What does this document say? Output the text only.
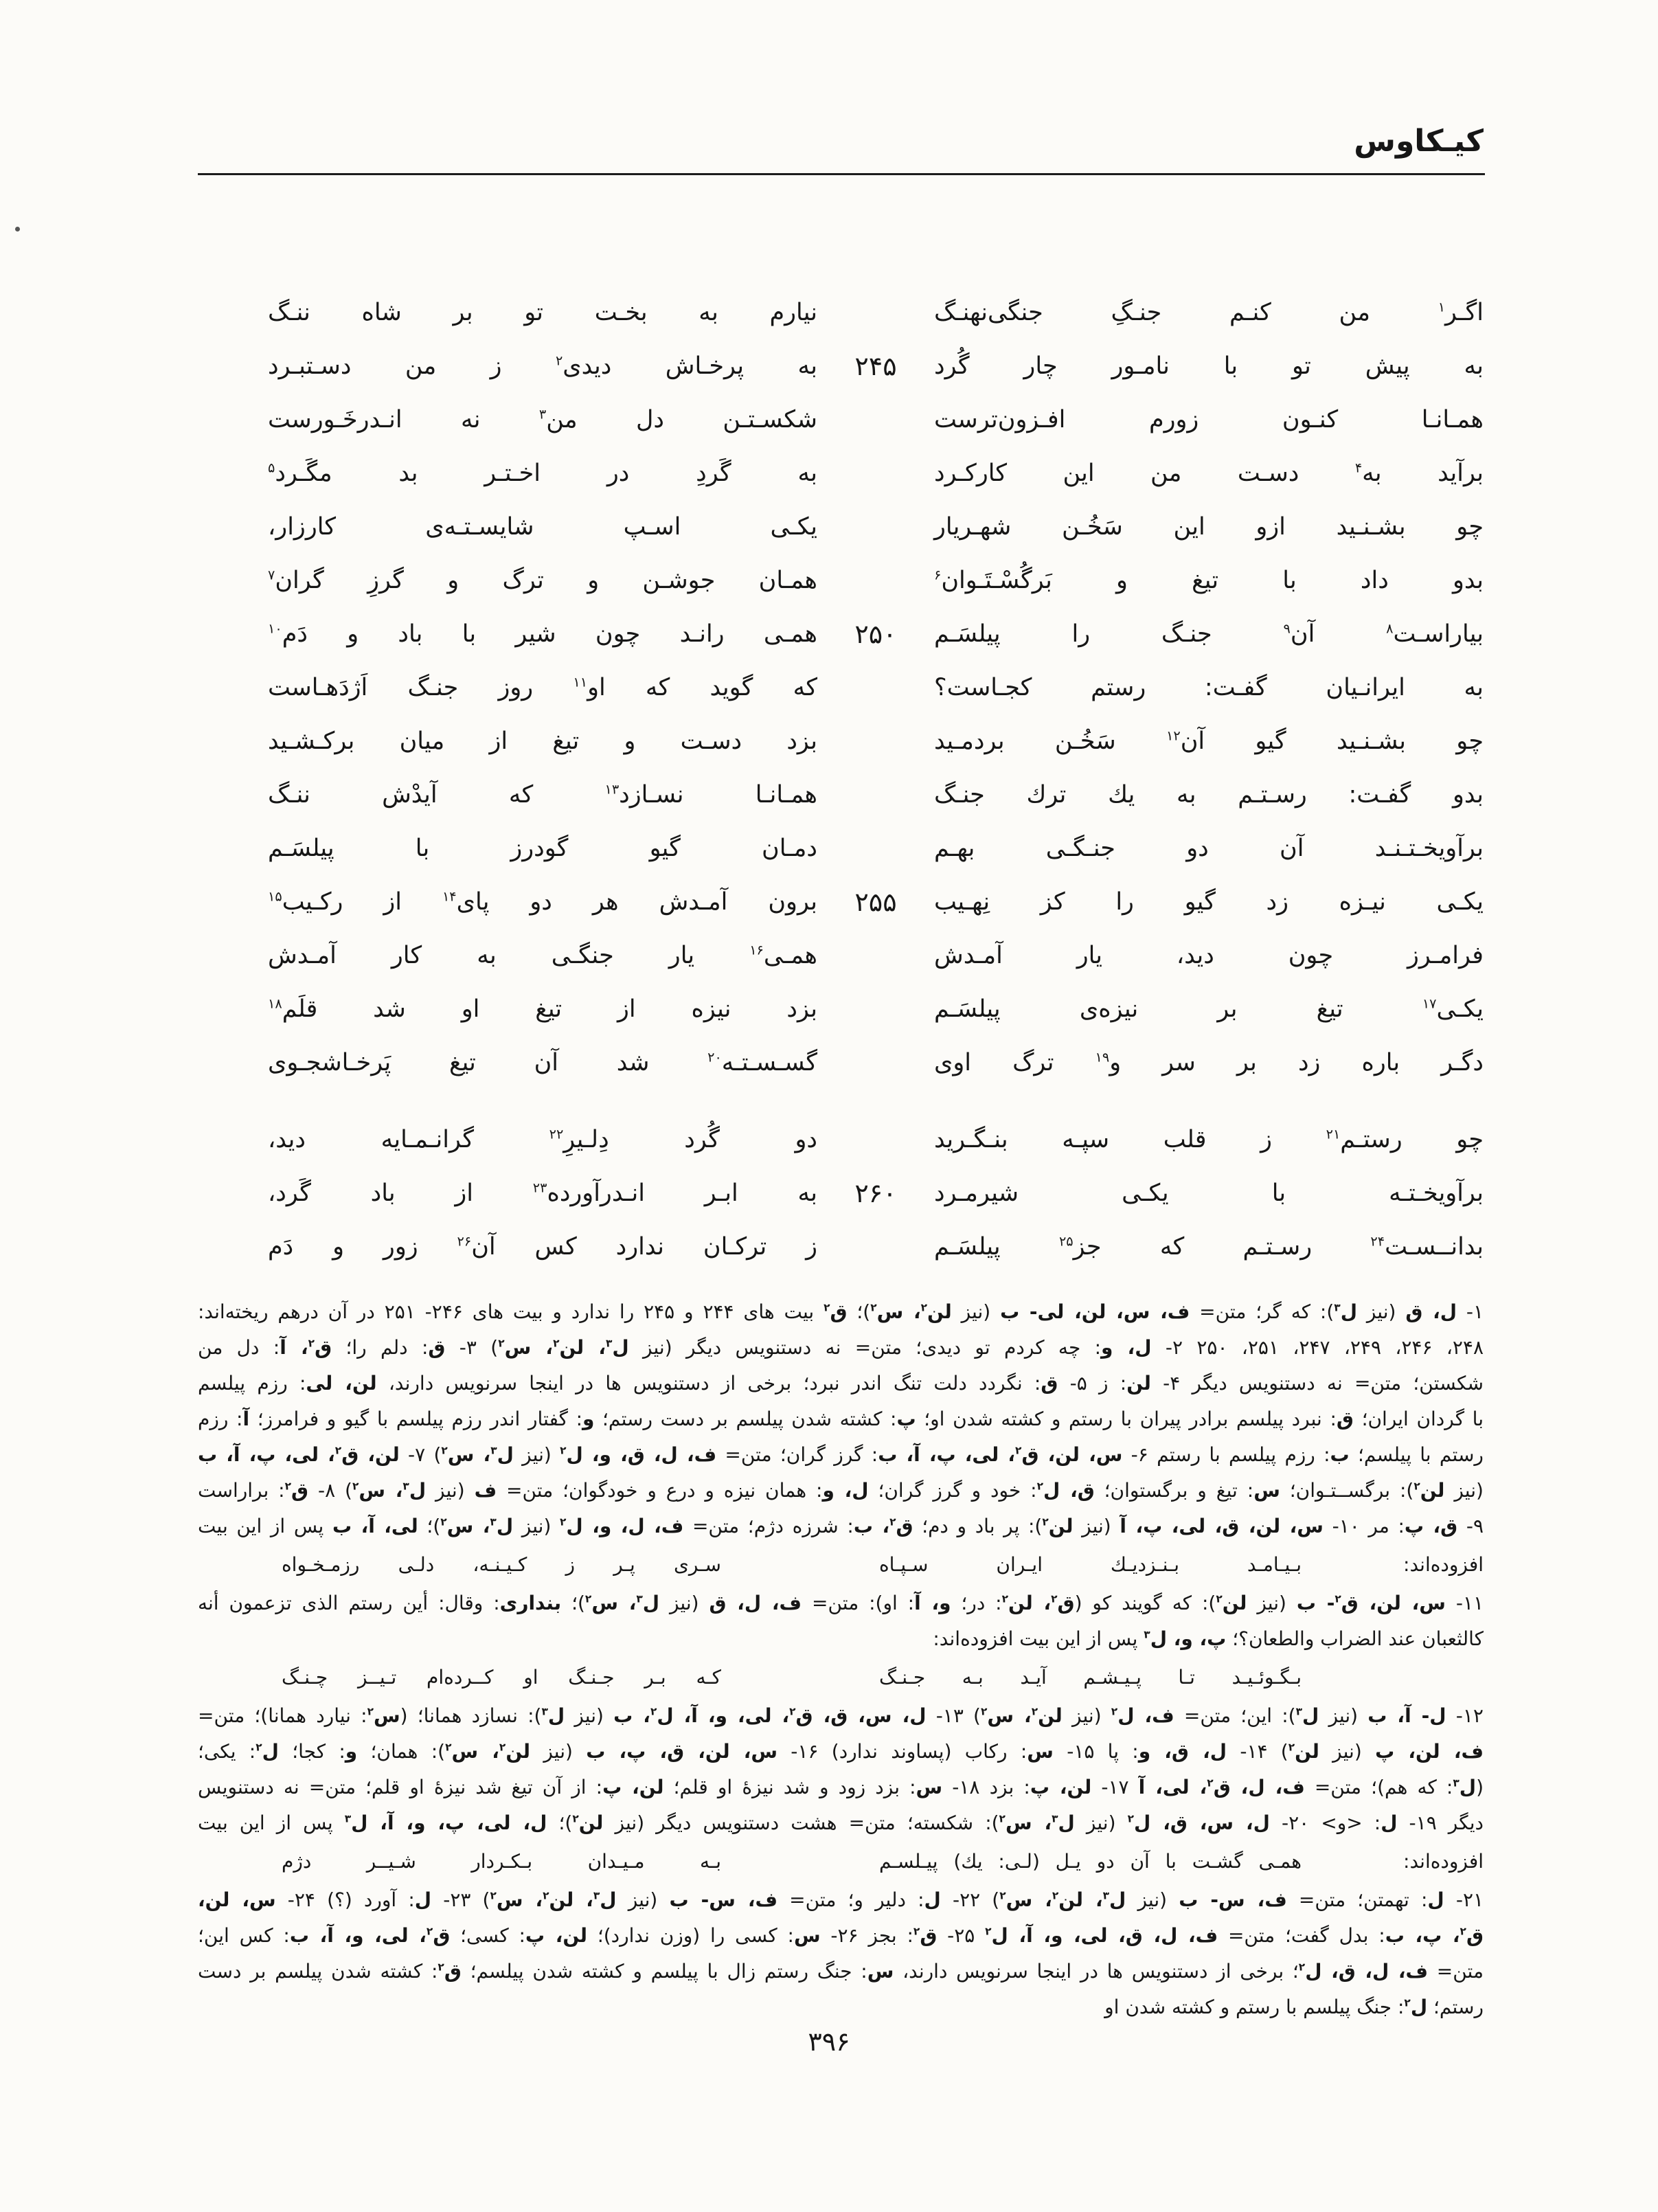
کیـکاوس
اگـر$^۱$ من کنـم جنـگِ جنگی‌نهنـگ
نیارم به بخـت تو بر شاه ننـگ
به پیش تو با نامـور چار گُرد
۲۴۵
به پرخـاش دیدی$^۲$ ز من دسـتبـرد
همـانـا کنـون زورم افـزون‌ترست
شکسـتـن دل من$^۳$ نه انـدرخَـورست
برآید به$^۴$ دسـت من این کارکـرد
به گَردِ در اخـتـر بد مگَـرد$^۵$
چو بشـنـید ازو این سَخُـن شهـریار
یکـی اسـپ شایسـتـه‌ی کارزار،
بدو داد با تیغ و بَرگُسْـتَـوان$^۶$
همـان جوشـن و ترگ و گرزِ گران$^۷$
بیاراسـت$^۸$ آن$^۹$ جنـگ را پیلسَـم
۲۵۰
همـی رانـد چون شیر با باد و دَم$^{۱۰}$
به ایرانـیان گفـت: رستم کجـاست؟
که گوید که او$^{۱۱}$ روز جنـگ اَژدَهـاست
چو بشـنـید گیو آن$^{۱۲}$ سَخُـن بردمـید
بزد دسـت و تیغ از میان برکـشـید
بدو گفـت: رسـتـم به یك ترك جنـگ
همـانـا نسـازد$^{۱۳}$ که آیدْش ننـگ
برآویخـتـنـد آن دو جنـگـی بهـم
دمـان گیو گودرز با پیلسَـم
یکـی نیـزه زد گیو را کز نِهـیب
۲۵۵
برون آمـدش هر دو پای$^{۱۴}$ از رکـیب$^{۱۵}$
فرامـرز چون دید، یار آمـدش
همـی$^{۱۶}$ یار جنگـی به کار آمـدش
یکـی$^{۱۷}$ تیغ بر نیزه‌ی پیلسَـم
بزد نیزه از تیغ او شد قلَم$^{۱۸}$
دگـر باره زد بر سر و$^{۱۹}$ ترگ اوی
گسـسـتـه$^{۲۰}$ شد آن تیغ پَرخـاشجـوی
چو رستـم$^{۲۱}$ ز قلب سپـه بنـگـرید
دو گُرد دِلـیرِ$^{۲۲}$ گرانـمـایه دید،
برآویخـتـه با یکـی شیرمـرد
۲۶۰
به ابـر انـدرآورده$^{۲۳}$ از باد گَرد،
بدانــسـت$^{۲۴}$ رسـتـم که جز$^{۲۵}$ پیلسَـم
ز ترکـان ندارد کس آن$^{۲۶}$ زور و دَم
۱- ل، ق (نیز ل$^۳$): که گر؛ متن= ف، س، لن، لی- ب (نیز لن$^۲$، س$^۲$)؛ ق$^۲$ بیت های ۲۴۴ و ۲۴۵ را ندارد و بیت های ۲۴۶- ۲۵۱ در آن درهم ریخته‌اند:
۲۴۸، ۲۴۶، ۲۴۹، ۲۴۷، ۲۵۱، ۲۵۰ ۲- ل، و: چه کردم تو دیدی؛ متن= نه دستنویس دیگر (نیز ل$^۳$، لن$^۲$، س$^۲$) ۳- ق: دلم را؛ ق$^۲$، آ: دل من
شکستن؛ متن= نه دستنویس دیگر ۴- لن: ز ۵- ق: نگردد دلت تنگ اندر نبرد؛ برخی از دستنویس ها در اینجا سرنویس دارند، لن، لی: رزم پیلسم
با گردان ایران؛ ق: نبرد پیلسم برادر پیران با رستم و کشته شدن او؛ پ: کشته شدن پیلسم بر دست رستم؛ و: گفتار اندر رزم پیلسم با گیو و فرامرز؛ آ: رزم
رستم با پیلسم؛ ب: رزم پیلسم با رستم ۶- س، لن، ق$^۲$، لی، پ، آ، ب: گرز گران؛ متن= ف، ل، ق، و، ل$^۲$ (نیز ل$^۳$، س$^۲$) ۷- لن، ق$^۲$، لی، پ، آ، ب
(نیز لن$^۲$): برگســتـوان؛ س: تیغ و برگستوان؛ ق، ل$^۲$: خود و گرز گران؛ ل، و: همان نیزه و درع و خودگوان؛ متن= ف (نیز ل$^۳$، س$^۲$) ۸- ق$^۲$: براراست
۹- ق، پ: مر ۱۰- س، لن، ق، لی، پ، آ (نیز لن$^۲$): پر باد و دم؛ ق$^۲$، ب: شرزه دژم؛ متن= ف، ل، و، ل$^۲$ (نیز ل$^۳$، س$^۲$)؛ لی، آ، ب پس از این بیت
افزوده‌اند:
بـیـامـد بـنـزدیـك ایـران سـپـاه
سـری پـر ز کـیـنـه، دلـی رزمـخـواه
۱۱- س، لن، ق$^۲$- ب (نیز لن$^۲$): که گویند کو (ق$^۲$، لن$^۲$: در؛ و، آ: او): متن= ف، ل، ق (نیز ل$^۳$، س$^۲$)؛ بنداری: وقال: أین رستم الذی تزعمون أنه
کالثعبان عند الضراب والطعان؟؛ پ، و، ل$^۳$ پس از این بیت افزوده‌اند:
بـگـوئـیـد تـا پـیـشـم آیـد بـه جـنـگ
کـه بـر جـنـگ او کــرده‌ام تـیــز چـنـگ
۱۲- ل- آ، ب (نیز ل$^۳$): این؛ متن= ف، ل$^۲$ (نیز لن$^۲$، س$^۲$) ۱۳- ل، س، ق، ق$^۲$، لی، و، آ، ل$^۲$، ب (نیز ل$^۳$): نسازد همانا؛ (س$^۲$: نیارد همانا)؛ متن=
ف، لن، پ (نیز لن$^۲$) ۱۴- ل، ق، و: پا ۱۵- س: رکاب (پساوند ندارد) ۱۶- س، لن، ق، پ، ب (نیز لن$^۲$، س$^۲$): همان؛ و: کجا؛ ل$^۲$: یکی؛
(ل$^۳$: که هم)؛ متن= ف، ل، ق$^۲$، لی، آ ۱۷- لن، پ: بزد ۱۸- س: بزد زود و شد نیزهٔ او قلم؛ لن، پ: از آن تیغ شد نیزهٔ او قلم؛ متن= نه دستنویس
دیگر ۱۹- ل: <و> ۲۰- ل، س، ق، ل$^۲$ (نیز ل$^۳$، س$^۲$): شکسته؛ متن= هشت دستنویس دیگر (نیز لن$^۲$)؛ ل، لی، پ، و، آ، ل$^۳$ پس از این بیت
افزوده‌اند:
همـی گشـت با آن دو یـل (لـی: یك) پیـلسـم
بـه مـیـدان بـکـردار شـیــر دژم
۲۱- ل: تهمتن؛ متن= ف، س- ب (نیز ل$^۳$، لن$^۲$، س$^۲$) ۲۲- ل: دلیر و؛ متن= ف، س- ب (نیز ل$^۳$، لن$^۲$، س$^۲$) ۲۳- ل: آورد (؟) ۲۴- س، لن،
ق$^۲$، پ، ب: بدل گفت؛ متن= ف، ل، ق، لی، و، آ، ل$^۲$ ۲۵- ق$^۲$: بجز ۲۶- س: کسی را (وزن ندارد)؛ لن، پ: کسی؛ ق$^۲$، لی، و، آ، ب: کس این؛
متن= ف، ل، ق، ل$^۲$؛ برخی از دستنویس ها در اینجا سرنویس دارند، س: جنگ رستم زال با پیلسم و کشته شدن پیلسم؛ ق$^۲$: کشته شدن پیلسم بر دست
رستم؛ ل$^۲$: جنگ پیلسم با رستم و کشته شدن او
۳۹۶
